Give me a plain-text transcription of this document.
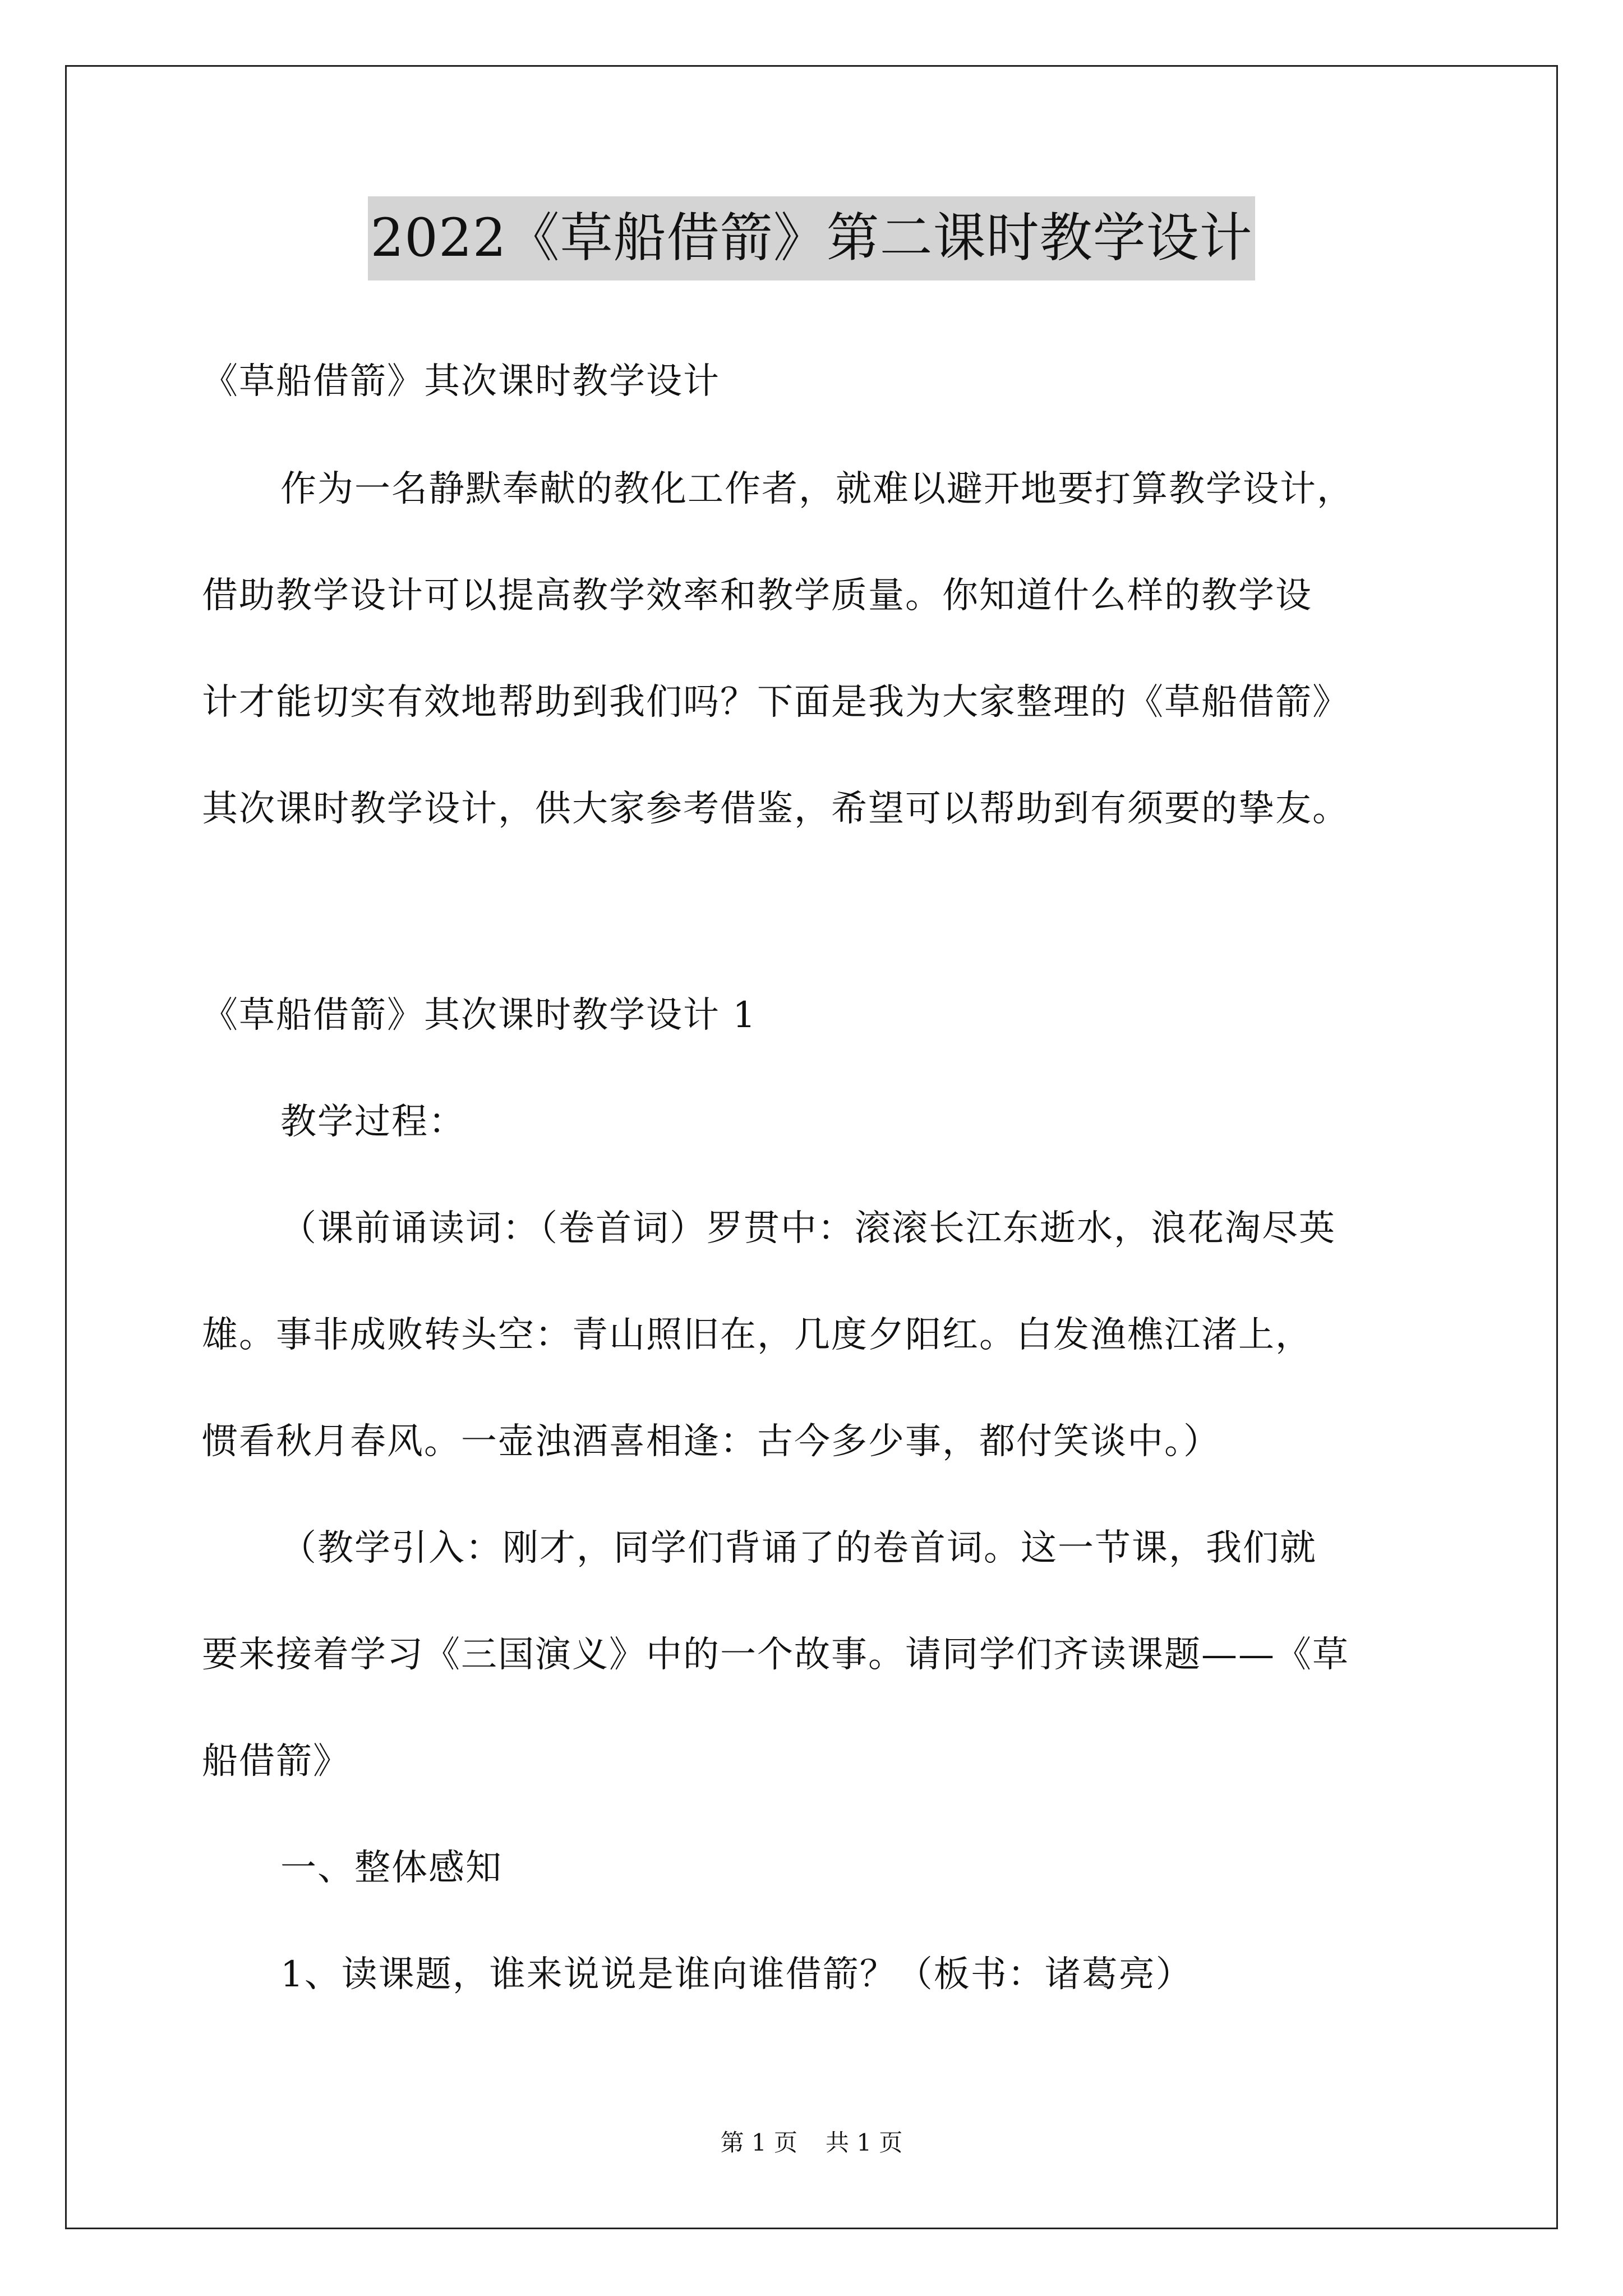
2022《草船借箭》第二课时教学设计
《草船借箭》其次课时教学设计
作为一名静默奉献的教化工作者，就难以避开地要打算教学设计，
借助教学设计可以提高教学效率和教学质量。你知道什么样的教学设
计才能切实有效地帮助到我们吗？下面是我为大家整理的《草船借箭》
其次课时教学设计，供大家参考借鉴，希望可以帮助到有须要的挚友。
《草船借箭》其次课时教学设计 1
教学过程：
（课前诵读词：（卷首词）罗贯中：滚滚长江东逝水，浪花淘尽英
雄。事非成败转头空：青山照旧在，几度夕阳红。白发渔樵江渚上，
惯看秋月春风。一壶浊酒喜相逢：古今多少事，都付笑谈中。）
（教学引入：刚才，同学们背诵了的卷首词。这一节课，我们就
要来接着学习《三国演义》中的一个故事。请同学们齐读课题——《草
船借箭》
一、整体感知
1、读课题，谁来说说是谁向谁借箭？（板书：诸葛亮）
第 1 页 共 1 页
